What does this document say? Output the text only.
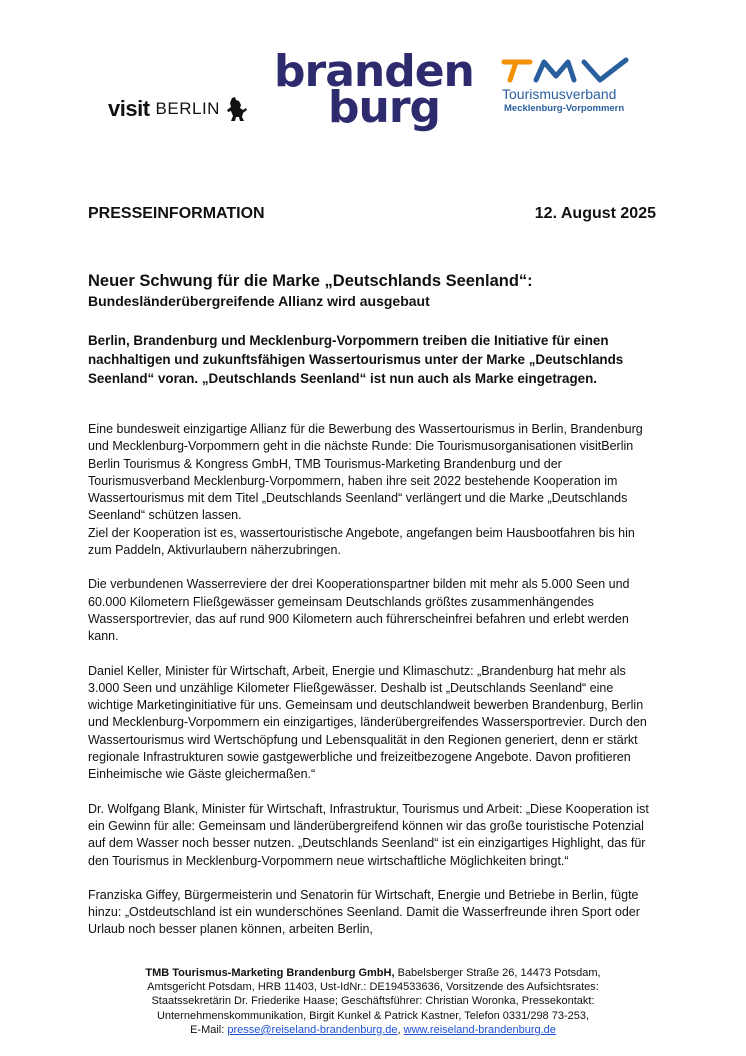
visit BERLIN
branden
burg	Tourismusverband
Mecklenburg-Vorpommern
PRESSEINFORMATION	12. August 2025
Neuer Schwung für die Marke „Deutschlands Seenland“:
Bundesländerübergreifende Allianz wird ausgebaut
Berlin, Brandenburg und Mecklenburg-Vorpommern treiben die Initiative für einen nachhaltigen und zukunftsfähigen Wassertourismus unter der Marke „Deutschlands Seenland“ voran. „Deutschlands Seenland“ ist nun auch als Marke eingetragen.

Eine bundesweit einzigartige Allianz für die Bewerbung des Wassertourismus in Berlin, Brandenburg und Mecklenburg-Vorpommern geht in die nächste Runde: Die Tourismusorganisationen visitBerlin Berlin Tourismus & Kongress GmbH, TMB Tourismus-Marketing Brandenburg und der Tourismusverband Mecklenburg-Vorpommern, haben ihre seit 2022 bestehende Kooperation im Wassertourismus mit dem Titel „Deutschlands Seenland“ verlängert und die Marke „Deutschlands Seenland“ schützen lassen.

Ziel der Kooperation ist es, wassertouristische Angebote, angefangen beim Hausbootfahren bis hin zum Paddeln, Aktivurlaubern näherzubringen.

Die verbundenen Wasserreviere der drei Kooperationspartner bilden mit mehr als 5.000 Seen und 60.000 Kilometern Fließgewässer gemeinsam Deutschlands größtes zusammenhängendes Wassersportrevier, das auf rund 900 Kilometern auch führerscheinfrei befahren und erlebt werden kann.

Daniel Keller, Minister für Wirtschaft, Arbeit, Energie und Klimaschutz: „Brandenburg hat mehr als 3.000 Seen und unzählige Kilometer Fließgewässer. Deshalb ist „Deutschlands Seenland“ eine wichtige Marketinginitiative für uns. Gemeinsam und deutschlandweit bewerben Brandenburg, Berlin und Mecklenburg-Vorpommern ein einzigartiges, länderübergreifendes Wassersportrevier. Durch den Wassertourismus wird Wertschöpfung und Lebensqualität in den Regionen generiert, denn er stärkt regionale Infrastrukturen sowie gastgewerbliche und freizeitbezogene Angebote. Davon profitieren Einheimische wie Gäste gleichermaßen.“

Dr. Wolfgang Blank, Minister für Wirtschaft, Infrastruktur, Tourismus und Arbeit: „Diese Kooperation ist ein Gewinn für alle: Gemeinsam und länderübergreifend können wir das große touristische Potenzial auf dem Wasser noch besser nutzen. „Deutschlands Seenland“ ist ein einzigartiges Highlight, das für den Tourismus in Mecklenburg-Vorpommern neue wirtschaftliche Möglichkeiten bringt.“

Franziska Giffey, Bürgermeisterin und Senatorin für Wirtschaft, Energie und Betriebe in Berlin, fügte hinzu: „Ostdeutschland ist ein wunderschönes Seenland. Damit die Wasserfreunde ihren Sport oder Urlaub noch besser planen können, arbeiten Berlin,

TMB Tourismus-Marketing Brandenburg GmbH, Babelsberger Straße 26, 14473 Potsdam,
Amtsgericht Potsdam, HRB 11403, Ust-IdNr.: DE194533636, Vorsitzende des Aufsichtsrates:
Staatssekretärin Dr. Friederike Haase; Geschäftsführer: Christian Woronka, Pressekontakt:
Unternehmenskommunikation, Birgit Kunkel & Patrick Kastner, Telefon 0331/298 73-253,
E-Mail: presse@reiseland-brandenburg.de, www.reiseland-brandenburg.de
